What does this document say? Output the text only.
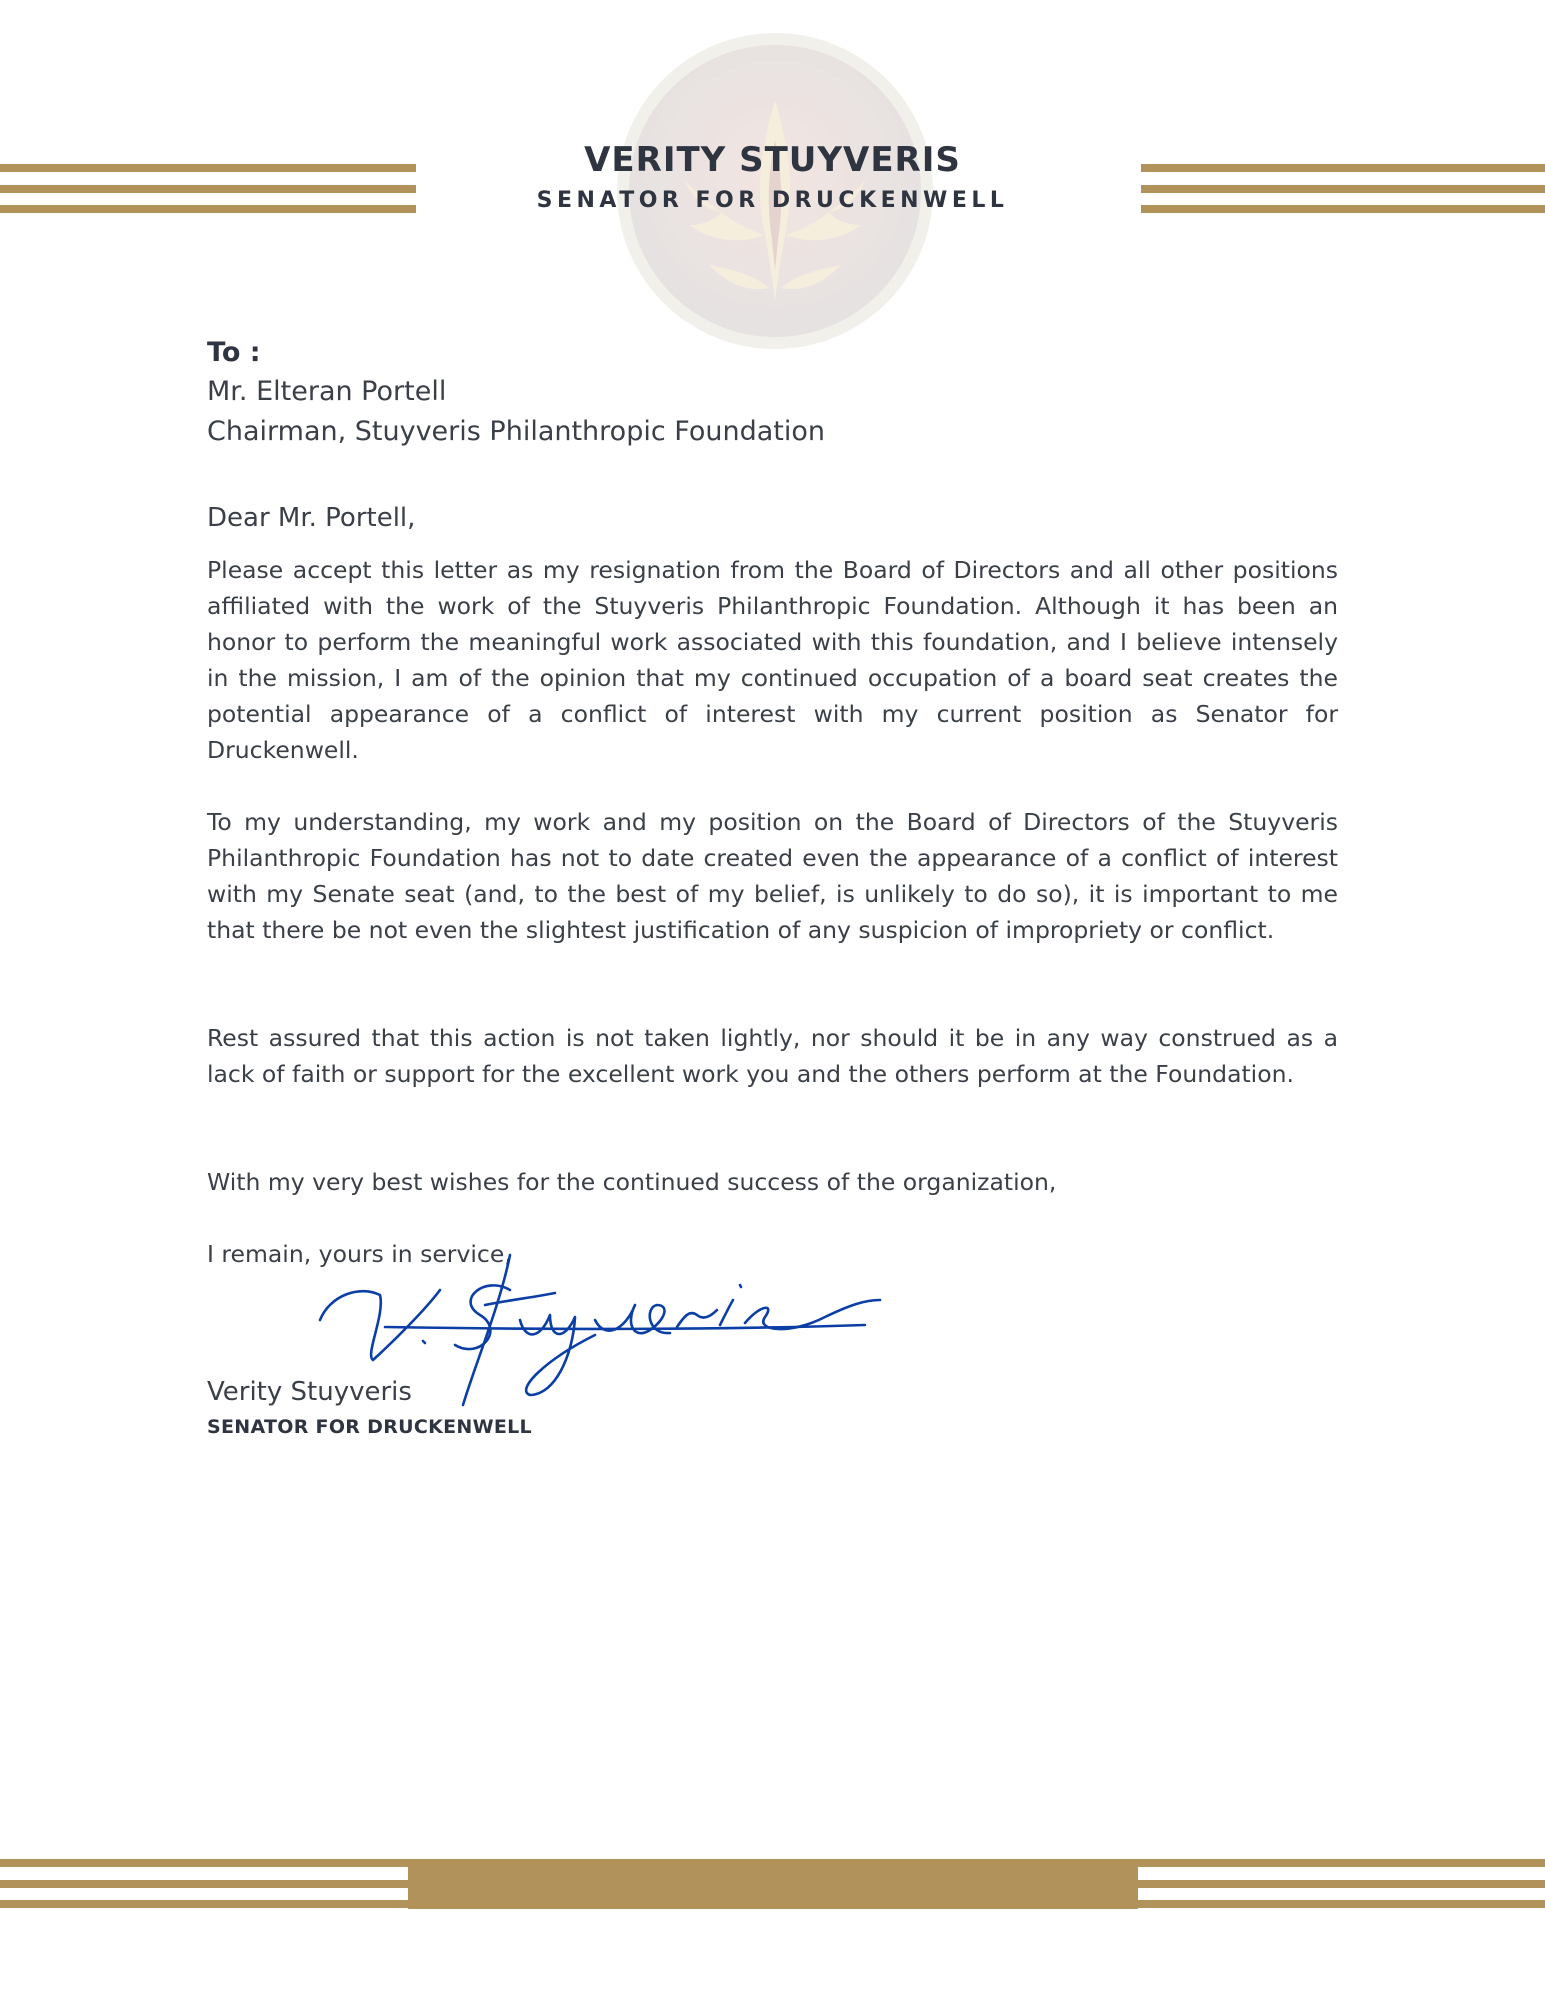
VERITY STUYVERIS
SENATOR FOR DRUCKENWELL
To :
Mr. Elteran Portell
Chairman, Stuyveris Philanthropic Foundation
Dear Mr. Portell,

Please accept this letter as my resignation from the Board of Directors and all other positions affiliated with the work of the Stuyveris Philanthropic Foundation. Although it has been an honor to perform the meaningful work associated with this foundation, and I believe intensely in the mission, I am of the opinion that my continued occupation of a board seat creates the potential appearance of a conflict of interest with my current position as Senator for Druckenwell.

To my understanding, my work and my position on the Board of Directors of the Stuyveris Philanthropic Foundation has not to date created even the appearance of a conflict of interest with my Senate seat (and, to the best of my belief, is unlikely to do so), it is important to me that there be not even the slightest justification of any suspicion of impropriety or conflict.

Rest assured that this action is not taken lightly, nor should it be in any way construed as a lack of faith or support for the excellent work you and the others perform at the Foundation.

With my very best wishes for the continued success of the organization,

I remain, yours in service,

Verity Stuyveris
SENATOR FOR DRUCKENWELL
